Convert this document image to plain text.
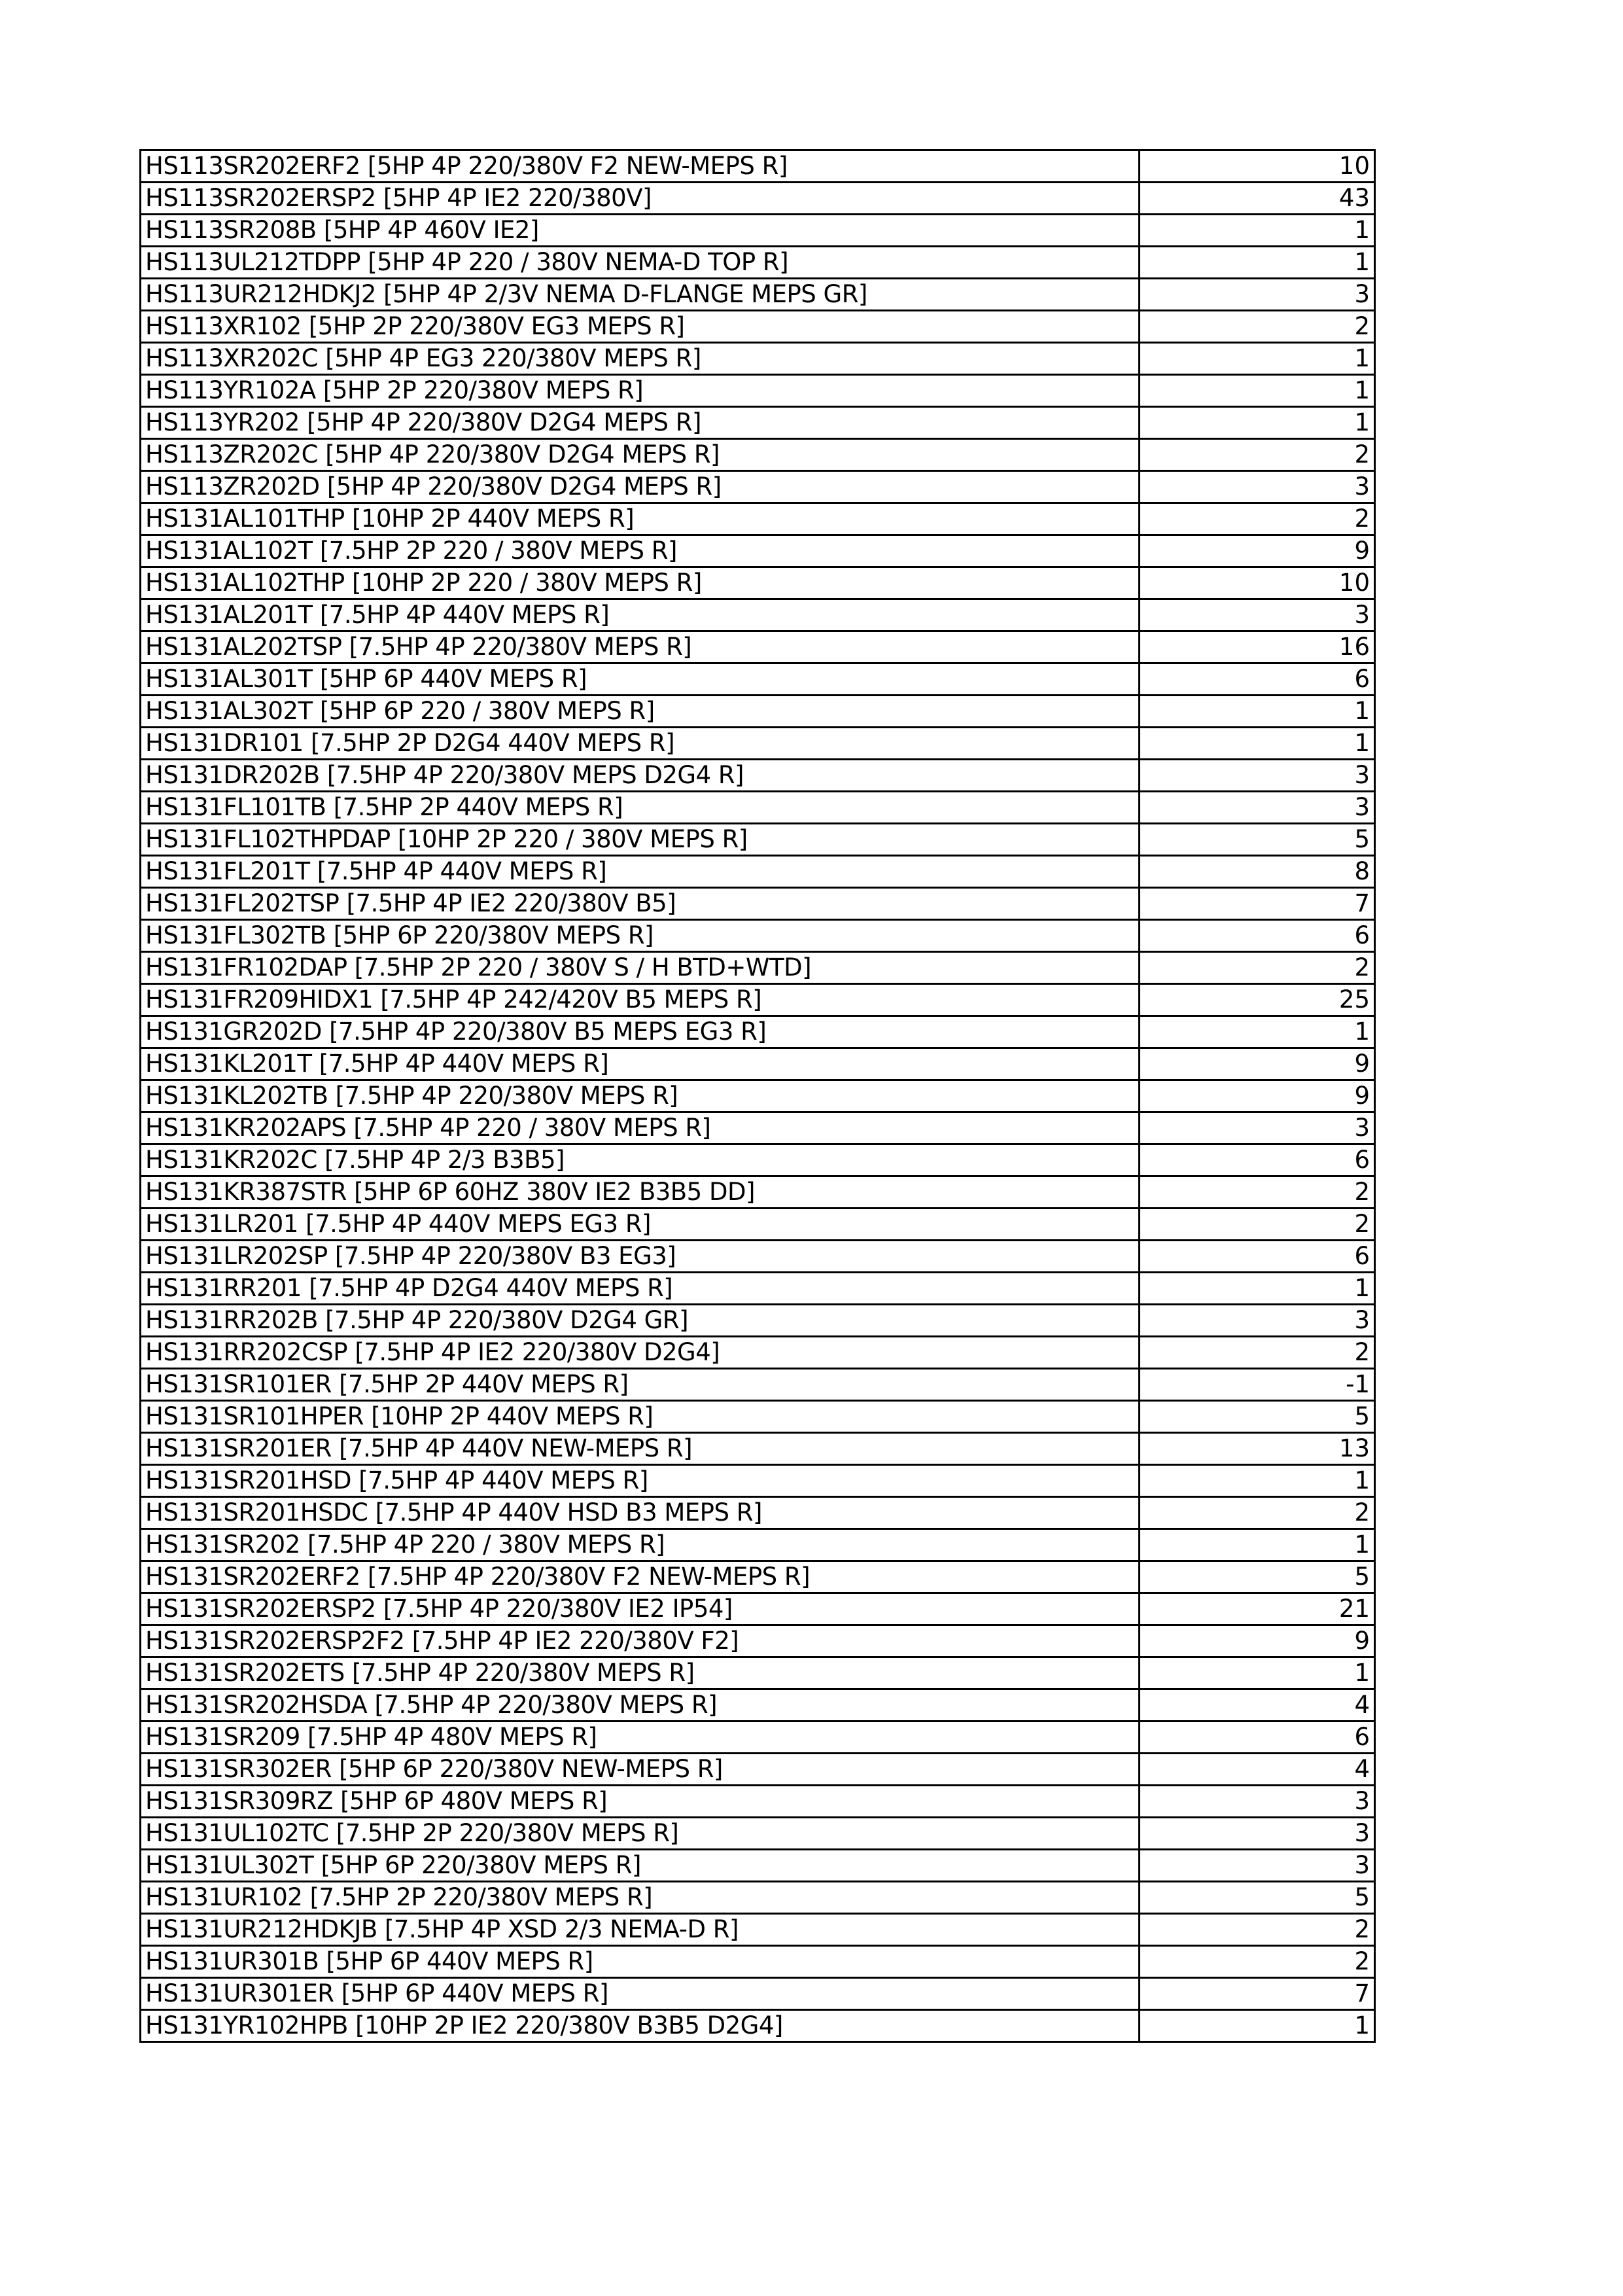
HS113SR202ERF2 [5HP 4P 220/380V F2 NEW-MEPS R]	10
HS113SR202ERSP2 [5HP 4P IE2 220/380V]	43
HS113SR208B [5HP 4P 460V IE2]	1
HS113UL212TDPP [5HP 4P 220 / 380V NEMA-D TOP R]	1
HS113UR212HDKJ2 [5HP 4P 2/3V NEMA D-FLANGE MEPS GR]	3
HS113XR102 [5HP 2P 220/380V EG3 MEPS R]	2
HS113XR202C [5HP 4P EG3 220/380V MEPS R]	1
HS113YR102A [5HP 2P 220/380V MEPS R]	1
HS113YR202 [5HP 4P 220/380V D2G4 MEPS R]	1
HS113ZR202C [5HP 4P 220/380V D2G4 MEPS R]	2
HS113ZR202D [5HP 4P 220/380V D2G4 MEPS R]	3
HS131AL101THP [10HP 2P 440V MEPS R]	2
HS131AL102T [7.5HP 2P 220 / 380V MEPS R]	9
HS131AL102THP [10HP 2P 220 / 380V MEPS R]	10
HS131AL201T [7.5HP 4P 440V MEPS R]	3
HS131AL202TSP [7.5HP 4P 220/380V MEPS R]	16
HS131AL301T [5HP 6P 440V MEPS R]	6
HS131AL302T [5HP 6P 220 / 380V MEPS R]	1
HS131DR101 [7.5HP 2P D2G4 440V MEPS R]	1
HS131DR202B [7.5HP 4P 220/380V MEPS D2G4 R]	3
HS131FL101TB [7.5HP 2P 440V MEPS R]	3
HS131FL102THPDAP [10HP 2P 220 / 380V MEPS R]	5
HS131FL201T [7.5HP 4P 440V MEPS R]	8
HS131FL202TSP [7.5HP 4P IE2 220/380V B5]	7
HS131FL302TB [5HP 6P 220/380V MEPS R]	6
HS131FR102DAP [7.5HP 2P 220 / 380V S / H BTD+WTD]	2
HS131FR209HIDX1 [7.5HP 4P 242/420V B5 MEPS R]	25
HS131GR202D [7.5HP 4P 220/380V B5 MEPS EG3 R]	1
HS131KL201T [7.5HP 4P 440V MEPS R]	9
HS131KL202TB [7.5HP 4P 220/380V MEPS R]	9
HS131KR202APS [7.5HP 4P 220 / 380V MEPS R]	3
HS131KR202C [7.5HP 4P 2/3 B3B5]	6
HS131KR387STR [5HP 6P 60HZ 380V IE2 B3B5 DD]	2
HS131LR201 [7.5HP 4P 440V MEPS EG3 R]	2
HS131LR202SP [7.5HP 4P 220/380V B3 EG3]	6
HS131RR201 [7.5HP 4P D2G4 440V MEPS R]	1
HS131RR202B [7.5HP 4P 220/380V D2G4 GR]	3
HS131RR202CSP [7.5HP 4P IE2 220/380V D2G4]	2
HS131SR101ER [7.5HP 2P 440V MEPS R]	-1
HS131SR101HPER [10HP 2P 440V MEPS R]	5
HS131SR201ER [7.5HP 4P 440V NEW-MEPS R]	13
HS131SR201HSD [7.5HP 4P 440V MEPS R]	1
HS131SR201HSDC [7.5HP 4P 440V HSD B3 MEPS R]	2
HS131SR202 [7.5HP 4P 220 / 380V MEPS R]	1
HS131SR202ERF2 [7.5HP 4P 220/380V F2 NEW-MEPS R]	5
HS131SR202ERSP2 [7.5HP 4P 220/380V IE2 IP54]	21
HS131SR202ERSP2F2 [7.5HP 4P IE2 220/380V F2]	9
HS131SR202ETS [7.5HP 4P 220/380V MEPS R]	1
HS131SR202HSDA [7.5HP 4P 220/380V MEPS R]	4
HS131SR209 [7.5HP 4P 480V MEPS R]	6
HS131SR302ER [5HP 6P 220/380V NEW-MEPS R]	4
HS131SR309RZ [5HP 6P 480V MEPS R]	3
HS131UL102TC [7.5HP 2P 220/380V MEPS R]	3
HS131UL302T [5HP 6P 220/380V MEPS R]	3
HS131UR102 [7.5HP 2P 220/380V MEPS R]	5
HS131UR212HDKJB [7.5HP 4P XSD 2/3 NEMA-D R]	2
HS131UR301B [5HP 6P 440V MEPS R]	2
HS131UR301ER [5HP 6P 440V MEPS R]	7
HS131YR102HPB [10HP 2P IE2 220/380V B3B5 D2G4]	1
